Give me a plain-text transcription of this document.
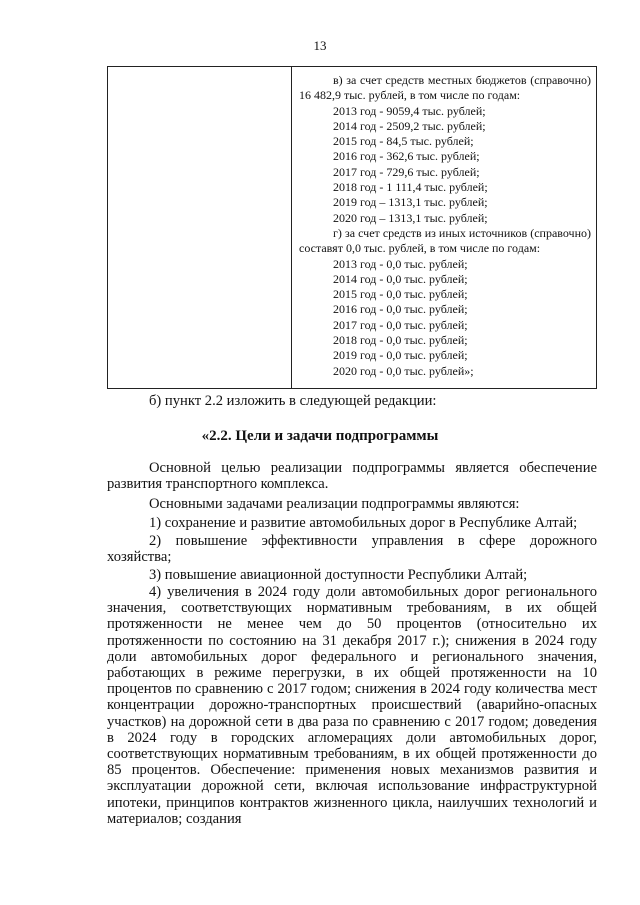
13

в) за счет средств местных бюджетов (справочно) 16 482,9 тыс. рублей, в том числе по годам:

2013 год - 9059,4 тыс. рублей;

2014 год - 2509,2 тыс. рублей;

2015 год - 84,5 тыс. рублей;

2016 год - 362,6 тыс. рублей;

2017 год - 729,6 тыс. рублей;

2018 год - 1 111,4 тыс. рублей;

2019 год – 1313,1 тыс. рублей;

2020 год – 1313,1 тыс. рублей;

г) за счет средств из иных источников (справочно) составят 0,0 тыс. рублей, в том числе по годам:

2013 год - 0,0 тыс. рублей;

2014 год - 0,0 тыс. рублей;

2015 год - 0,0 тыс. рублей;

2016 год - 0,0 тыс. рублей;

2017 год - 0,0 тыс. рублей;

2018 год - 0,0 тыс. рублей;

2019 год - 0,0 тыс. рублей;

2020 год - 0,0 тыс. рублей»;

б) пункт 2.2 изложить в следующей редакции:

«2.2. Цели и задачи подпрограммы

Основной целью реализации подпрограммы является обеспечение развития транспортного комплекса.

Основными задачами реализации подпрограммы являются:

1) сохранение и развитие автомобильных дорог в Республике Алтай;

2) повышение эффективности управления в сфере дорожного хозяйства;

3) повышение авиационной доступности Республики Алтай;

4) увеличения в 2024 году доли автомобильных дорог регионального значения, соответствующих нормативным требованиям, в их общей протяженности не менее чем до 50 процентов (относительно их протяженности по состоянию на 31 декабря 2017 г.); снижения в 2024 году доли автомобильных дорог федерального и регионального значения, работающих в режиме перегрузки, в их общей протяженности на 10 процентов по сравнению с 2017 годом; снижения в 2024 году количества мест концентрации дорожно-транспортных происшествий (аварийно-опасных участков) на дорожной сети в два раза по сравнению с 2017 годом; доведения в 2024 году в городских агломерациях доли автомобильных дорог, соответствующих нормативным требованиям, в их общей протяженности до 85 процентов. Обеспечение: применения новых механизмов развития и эксплуатации дорожной сети, включая использование инфраструктурной ипотеки, принципов контрактов жизненного цикла, наилучших технологий и материалов; создания
